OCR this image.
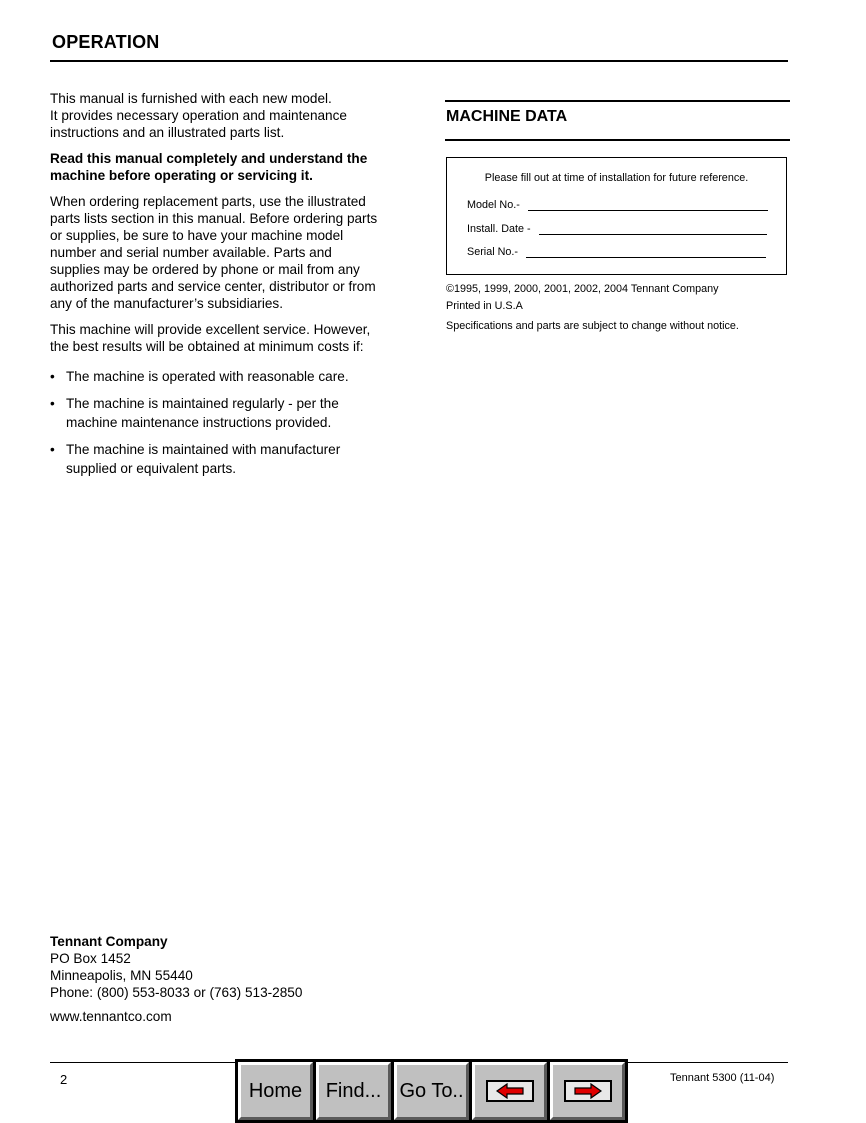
OPERATION

This manual is furnished with each new model.
It provides necessary operation and maintenance
instructions and an illustrated parts list.

Read this manual completely and understand the
machine before operating or servicing it.

When ordering replacement parts, use the illustrated
parts lists section in this manual. Before ordering parts
or supplies, be sure to have your machine model
number and serial number available. Parts and
supplies may be ordered by phone or mail from any
authorized parts and service center, distributor or from
any of the manufacturer’s subsidiaries.

This machine will provide excellent service. However,
the best results will be obtained at minimum costs if:

• The machine is operated with reasonable care.
• The machine is maintained regularly - per the
machine maintenance instructions provided.
• The machine is maintained with manufacturer
supplied or equivalent parts.
MACHINE DATA
Please fill out at time of installation for future reference.
Model No.-
Install. Date -
Serial No.-
©1995, 1999, 2000, 2001, 2002, 2004 Tennant Company
Printed in U.S.A
Specifications and parts are subject to change without notice.
Tennant Company
PO Box 1452
Minneapolis, MN 55440
Phone: (800) 553-8033 or (763) 513-2850
www.tennantco.com
2	Tennant 5300 (11-04)
Home	Find... Go To..
